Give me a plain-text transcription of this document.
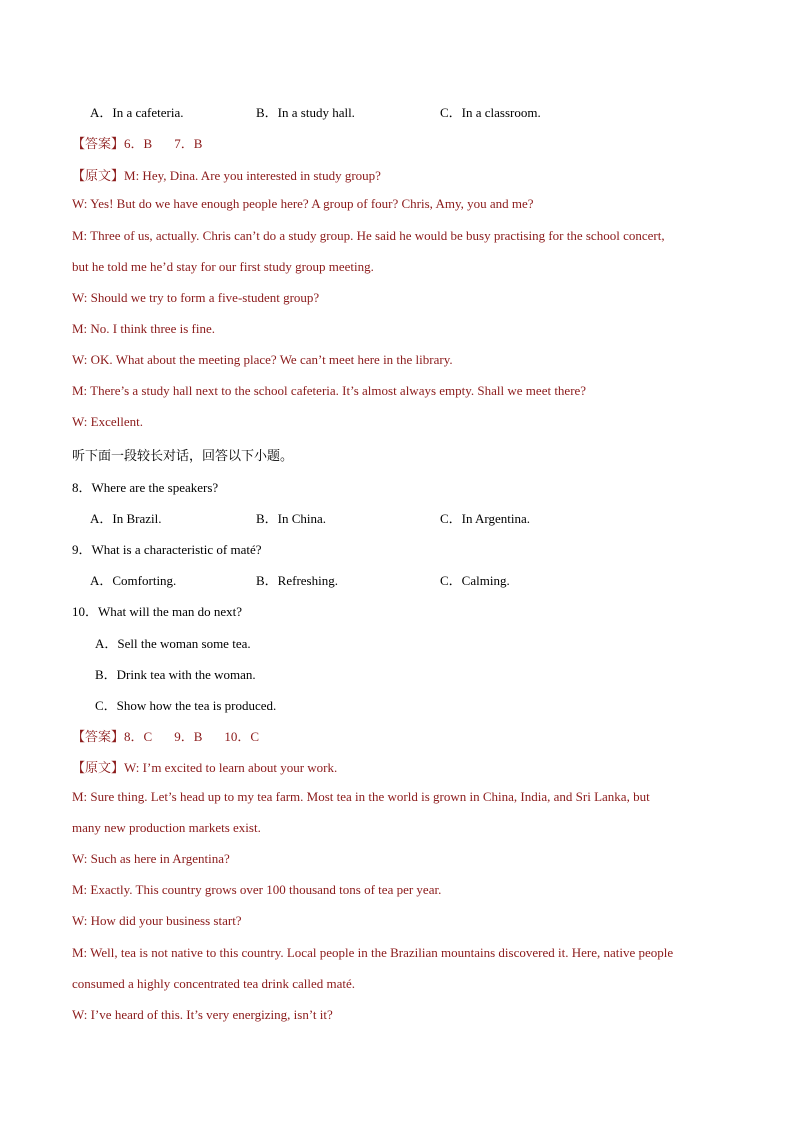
A．In a cafeteria.	B．In a study hall.	C．In a classroom.
【答案】6．B 7．B
【原文】M: Hey, Dina. Are you interested in study group?
W: Yes! But do we have enough people here? A group of four? Chris, Amy, you and me?
M: Three of us, actually. Chris can’t do a study group. He said he would be busy practising for the school concert,
but he told me he’d stay for our first study group meeting.
W: Should we try to form a five-student group?
M: No. I think three is fine.
W: OK. What about the meeting place? We can’t meet here in the library.
M: There’s a study hall next to the school cafeteria. It’s almost always empty. Shall we meet there?
W: Excellent.
听下面一段较长对话，回答以下小题。
8．Where are the speakers?
A．In Brazil.	B．In China.	C．In Argentina.
9．What is a characteristic of maté?
A．Comforting.	B．Refreshing.	C．Calming.
10．What will the man do next?
A．Sell the woman some tea.
B．Drink tea with the woman.
C．Show how the tea is produced.
【答案】8．C 9．B 10．C
【原文】W: I’m excited to learn about your work.
M: Sure thing. Let’s head up to my tea farm. Most tea in the world is grown in China, India, and Sri Lanka, but
many new production markets exist.
W: Such as here in Argentina?
M: Exactly. This country grows over 100 thousand tons of tea per year.
W: How did your business start?
M: Well, tea is not native to this country. Local people in the Brazilian mountains discovered it. Here, native people
consumed a highly concentrated tea drink called maté.
W: I’ve heard of this. It’s very energizing, isn’t it?
